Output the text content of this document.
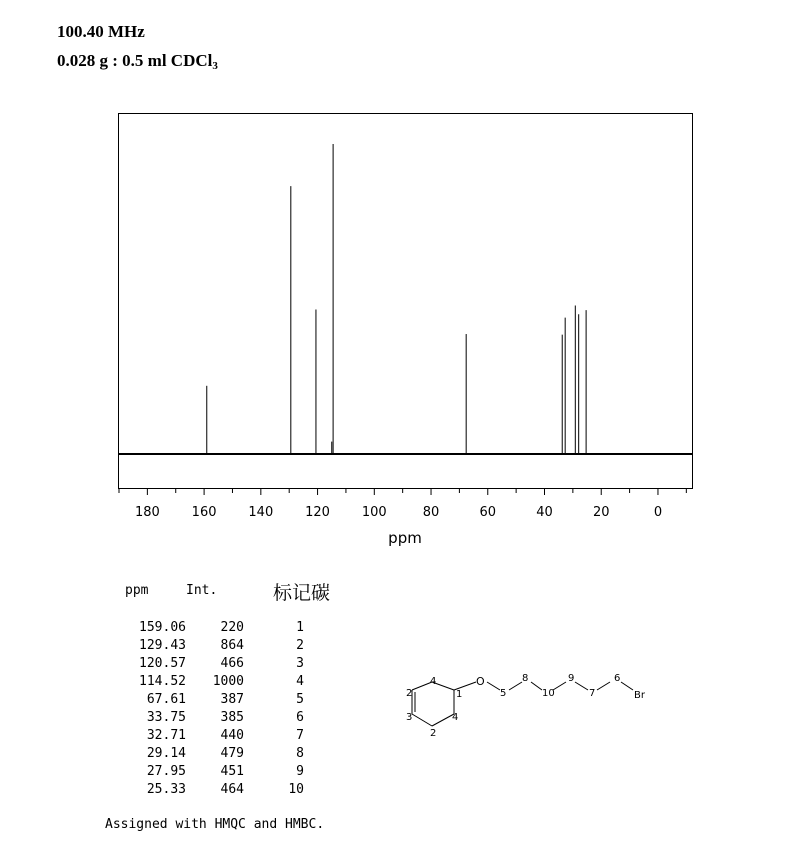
100.40 MHz
0.028 g : 0.5 ml CDCl$_3$
180 160 140 120 100	80	60	40	20	0
ppm
ppm	Int.	标记碳
159.06	220	1
129.43	864	2
120.57	466	3
114.52	1000	4
67.61	387	5
33.75	385	6
32.71	440	7
29.14	479	8
27.95	451	9
25.33	464	10
1
2
3
4
2
4
O
5
8
10
9
7
6
Br
Assigned with HMQC and HMBC.
